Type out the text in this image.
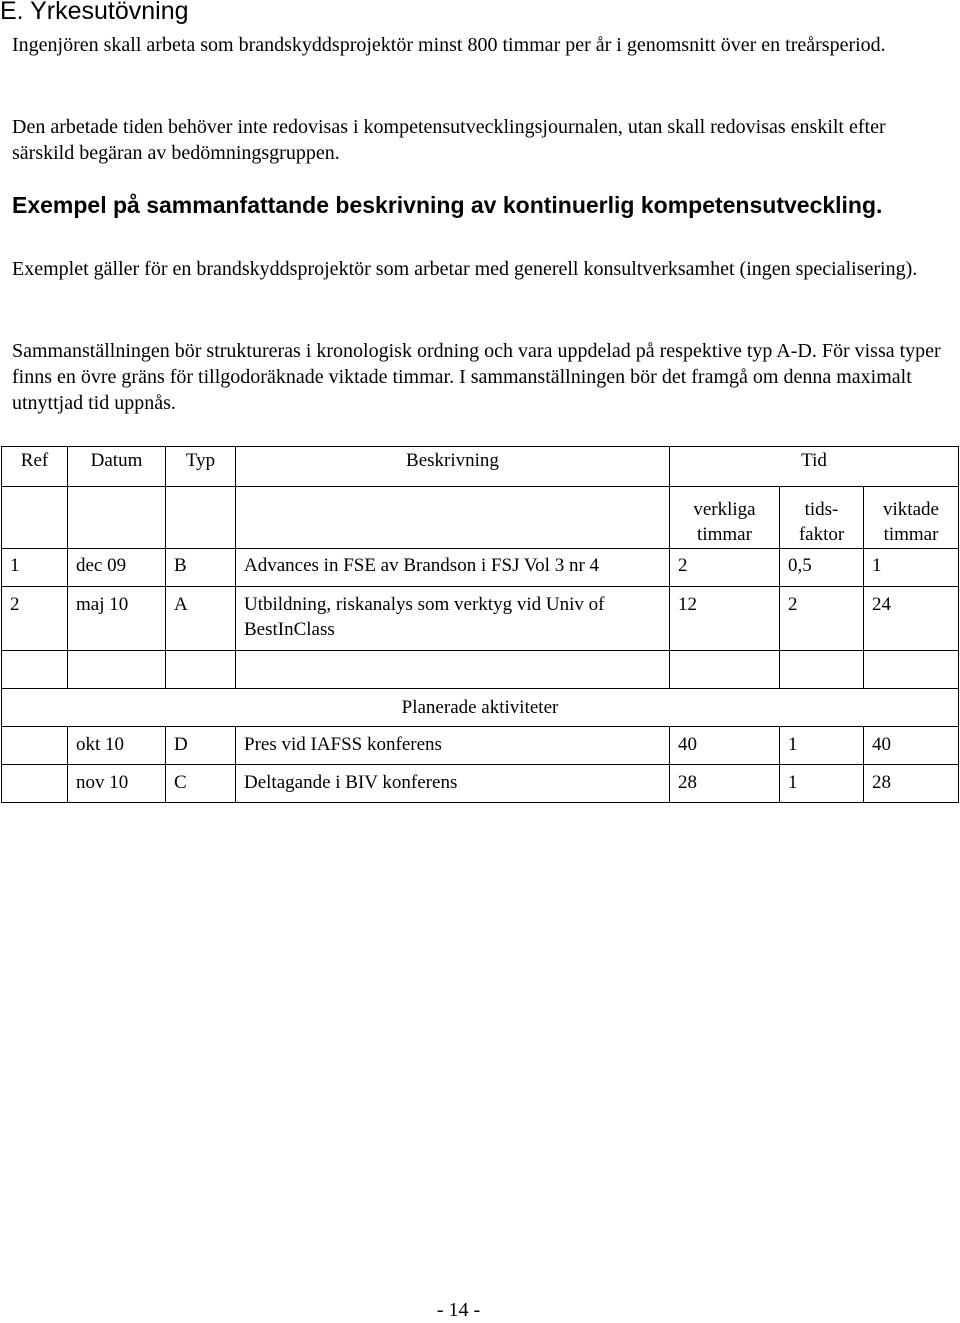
E. Yrkesutövning

Ingenjören skall arbeta som brandskyddsprojektör minst 800 timmar per år i genomsnitt över en treårsperiod.

Den arbetade tiden behöver inte redovisas i kompetensutvecklingsjournalen, utan skall redovisas enskilt efter särskild begäran av bedömningsgruppen.

Exempel på sammanfattande beskrivning av kontinuerlig kompetensutveckling.

Exemplet gäller för en brandskyddsprojektör som arbetar med generell konsultverksamhet (ingen specialisering).

Sammanställningen bör struktureras i kronologisk ordning och vara uppdelad på respektive typ A-D. För vissa typer finns en övre gräns för tillgodoräknade viktade timmar. I sammanställningen bör det framgå om denna maximalt utnyttjad tid uppnås.

Ref	Datum	Typ	Beskrivning	Tid		
				verkliga timmar	tids-faktor	viktade timmar
1	dec 09	B	Advances in FSE av Brandson i FSJ Vol 3 nr 4	2	0,5	1
2	maj 10	A	Utbildning, riskanalys som verktyg vid Univ of BestInClass	12	2	24

Planerade aktiviteter						
	okt 10	D	Pres vid IAFSS konferens	40	1	40
	nov 10	C	Deltagande i BIV konferens	28	1	28

- 14 -
